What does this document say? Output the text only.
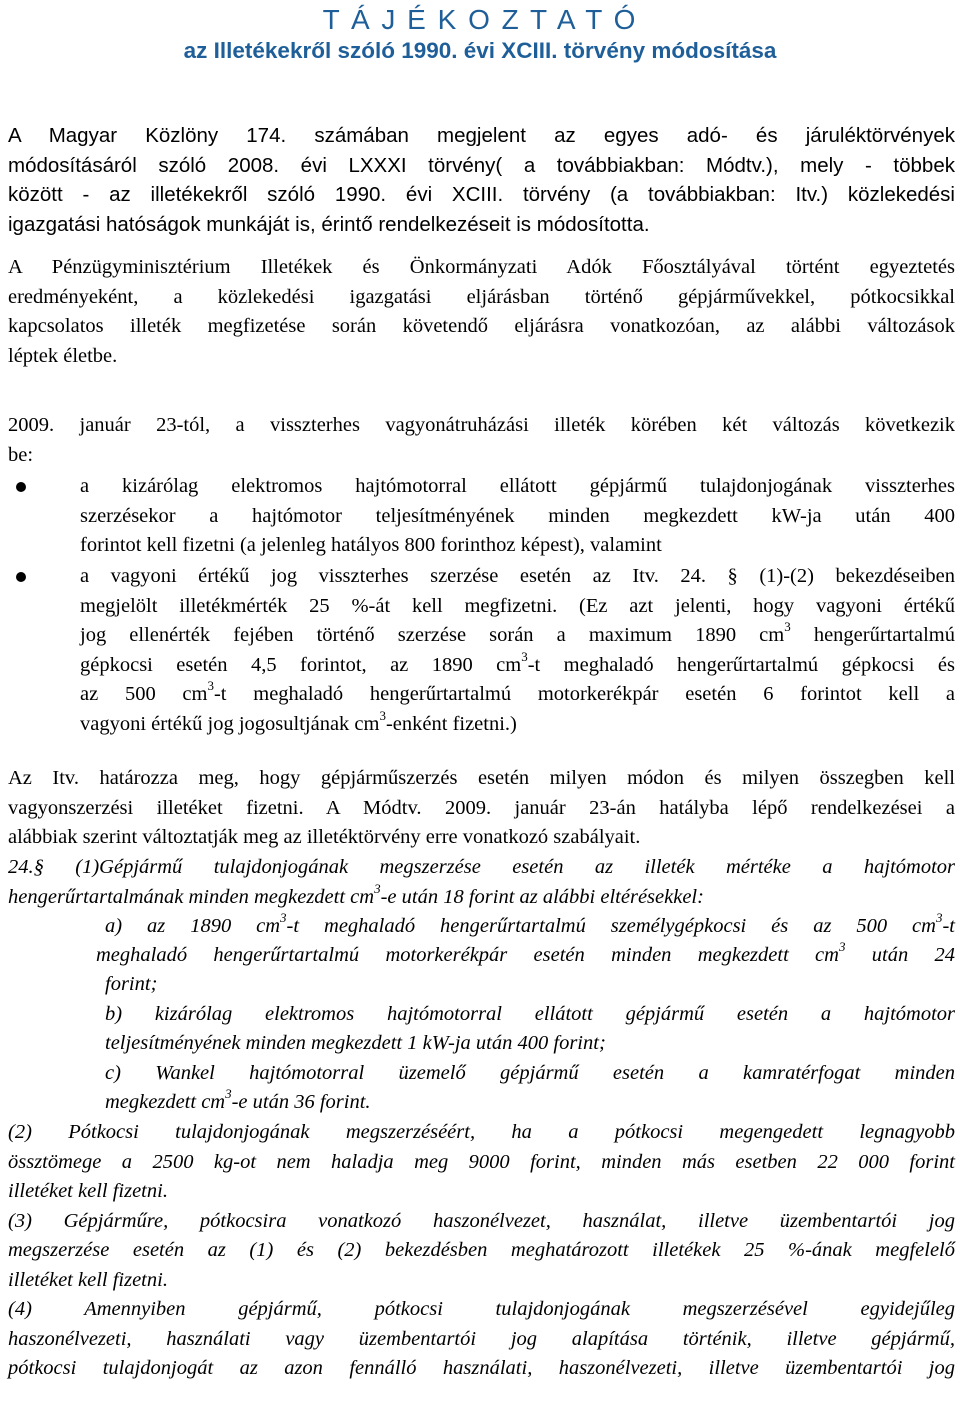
T Á J É K O Z T A T Ó
az Illetékekről szóló 1990. évi XCIII. törvény módosítása
A Magyar Közlöny 174. számában megjelent az egyes adó- és járuléktörvények
módosításáról szóló 2008. évi LXXXI törvény( a továbbiakban: Módtv.), mely - többek
között - az illetékekről szóló 1990. évi XCIII. törvény (a továbbiakban: Itv.) közlekedési
igazgatási hatóságok munkáját is, érintő rendelkezéseit is módosította.
A Pénzügyminisztérium Illetékek és Önkormányzati Adók Főosztályával történt egyeztetés
eredményeként, a közlekedési igazgatási eljárásban történő gépjárművekkel, pótkocsikkal
kapcsolatos illeték megfizetése során követendő eljárásra vonatkozóan, az alábbi változások
léptek életbe.
2009. január 23-tól, a visszterhes vagyonátruházási illeték körében két változás következik
be:
a kizárólag elektromos hajtómotorral ellátott gépjármű tulajdonjogának visszterhes
szerzésekor a hajtómotor teljesítményének minden megkezdett kW-ja után 400
forintot kell fizetni (a jelenleg hatályos 800 forinthoz képest), valamint
a vagyoni értékű jog visszterhes szerzése esetén az Itv. 24. § (1)-(2) bekezdéseiben
megjelölt illetékmérték 25 %-át kell megfizetni. (Ez azt jelenti, hogy vagyoni értékű
jog ellenérték fejében történő szerzése során a maximum 1890 $cm^3$ hengerűrtartalmú
gépkocsi esetén 4,5 forintot, az 1890 $cm^3-t$ meghaladó hengerűrtartalmú gépkocsi és
az 500 $cm^3-t$ meghaladó hengerűrtartalmú motorkerékpár esetén 6 forintot kell a
vagyoni értékű jog jogosultjának $cm^3$-enként fizetni.)
Az Itv. határozza meg, hogy gépjárműszerzés esetén milyen módon és milyen összegben kell
vagyonszerzési illetéket fizetni. A Módtv. 2009. január 23-án hatályba lépő rendelkezései a
alábbiak szerint változtatják meg az illetéktörvény erre vonatkozó szabályait.
24.§ (1)Gépjármű tulajdonjogának megszerzése esetén az illeték mértéke a hajtómotor
hengerűrtartalmának minden megkezdett $cm^3-e$ után 18 forint az alábbi eltérésekkel:
a) az 1890 $cm^3-t$ meghaladó hengerűrtartalmú személygépkocsi és az 500 $cm^3-t$
meghaladó hengerűrtartalmú motorkerékpár esetén minden megkezdett $cm^3$ után 24
forint;
b) kizárólag elektromos hajtómotorral ellátott gépjármű esetén a hajtómotor
teljesítményének minden megkezdett 1 kW-ja után 400 forint;
c) Wankel hajtómotorral üzemelő gépjármű esetén a kamratérfogat minden
megkezdett $cm^3-e$ után 36 forint.
(2) Pótkocsi tulajdonjogának megszerzéséért, ha a pótkocsi megengedett legnagyobb
össztömege a 2500 kg-ot nem haladja meg 9000 forint, minden más esetben 22 000 forint
illetéket kell fizetni.
(3) Gépjárműre, pótkocsira vonatkozó haszonélvezet, használat, illetve üzembentartói jog
megszerzése esetén az (1) és (2) bekezdésben meghatározott illetékek 25 %-ának megfelelő
illetéket kell fizetni.
(4) Amennyiben gépjármű, pótkocsi tulajdonjogának megszerzésével egyidejűleg
haszonélvezeti, használati vagy üzembentartói jog alapítása történik, illetve gépjármű,
pótkocsi tulajdonjogát az azon fennálló használati, haszonélvezeti, illetve üzembentartói jog
